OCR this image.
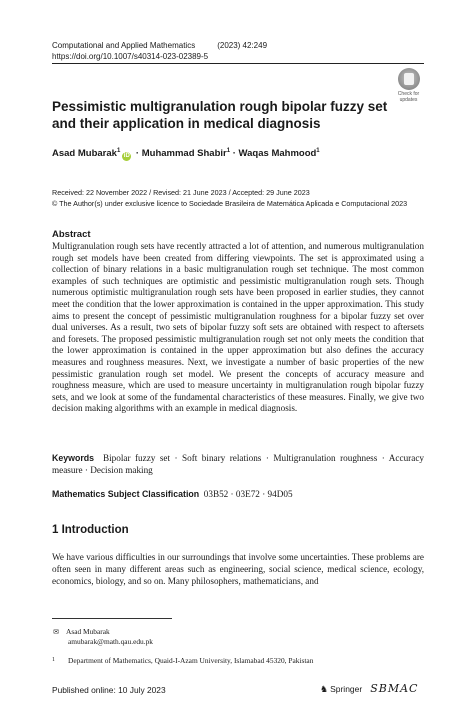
Computational and Applied Mathematics	(2023) 42:249
https://doi.org/10.1007/s40314-023-02389-5
Check for updates
Pessimistic multigranulation rough bipolar fuzzy set and their application in medical diagnosis
Asad Mubarak$^1$iD · Muhammad Shabir$^1$ · Waqas Mahmood$^1$
Received: 22 November 2022 / Revised: 21 June 2023 / Accepted: 29 June 2023
© The Author(s) under exclusive licence to Sociedade Brasileira de Matemática Aplicada e Computacional 2023
Abstract
Multigranulation rough sets have recently attracted a lot of attention, and numerous multigranulation rough set models have been created from differing viewpoints. The set is approximated using a collection of binary relations in a basic multigranulation rough set technique. The most common examples of such techniques are optimistic and pessimistic multigranulation rough sets. Though numerous optimistic multigranulation rough sets have been proposed in earlier studies, they cannot meet the condition that the lower approximation is contained in the upper approximation. This study aims to present the concept of pessimistic multigranulation roughness for a bipolar fuzzy set over dual universes. As a result, two sets of bipolar fuzzy soft sets are obtained with respect to aftersets and foresets. The proposed pessimistic multigranulation rough set not only meets the condition that the lower approximation is contained in the upper approximation but also defines the accuracy measures and roughness measures. Next, we investigate a number of basic properties of the new pessimistic granulation rough set model. We present the concepts of accuracy measure and roughness measure, which are used to measure uncertainty in multigranulation rough bipolar fuzzy sets, and we look at some of the fundamental characteristics of these measures. Finally, we give two decision making algorithms with an example in medical diagnosis.
Keywords Bipolar fuzzy set · Soft binary relations · Multigranulation roughness · Accuracy measure · Decision making
Mathematics Subject Classification 03B52 · 03E72 · 94D05
1 Introduction
We have various difficulties in our surroundings that involve some uncertainties. These problems are often seen in many different areas such as engineering, social science, medical science, ecology, economics, biology, and so on. Many philosophers, mathematicians, and
✉ Asad Mubarak
amubarak@math.qau.edu.pk
1 Department of Mathematics, Quaid-I-Azam University, Islamabad 45320, Pakistan
Published online: 10 July 2023	♞ Springer SBMAC
